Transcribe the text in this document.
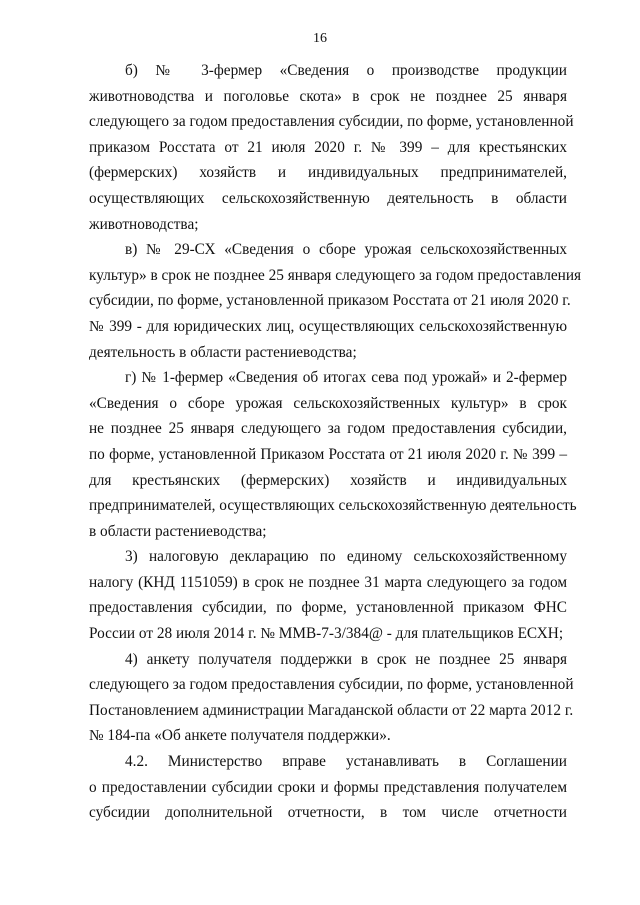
16
б) № 3-фермер «Сведения о производстве продукции
животноводства и поголовье скота» в срок не позднее 25 января
следующего за годом предоставления субсидии, по форме, установленной
приказом Росстата от 21 июля 2020 г. № 399 – для крестьянских
(фермерских) хозяйств и индивидуальных предпринимателей,
осуществляющих сельскохозяйственную деятельность в области
животноводства;
в) № 29-СХ «Сведения о сборе урожая сельскохозяйственных
культур» в срок не позднее 25 января следующего за годом предоставления
субсидии, по форме, установленной приказом Росстата от 21 июля 2020 г.
№ 399 - для юридических лиц, осуществляющих сельскохозяйственную
деятельность в области растениеводства;
г) № 1-фермер «Сведения об итогах сева под урожай» и 2-фермер
«Сведения о сборе урожая сельскохозяйственных культур» в срок
не позднее 25 января следующего за годом предоставления субсидии,
по форме, установленной Приказом Росстата от 21 июля 2020 г. № 399 –
для крестьянских (фермерских) хозяйств и индивидуальных
предпринимателей, осуществляющих сельскохозяйственную деятельность
в области растениеводства;
3) налоговую декларацию по единому сельскохозяйственному
налогу (КНД 1151059) в срок не позднее 31 марта следующего за годом
предоставления субсидии, по форме, установленной приказом ФНС
России от 28 июля 2014 г. № ММВ-7-3/384@ - для плательщиков ЕСХН;
4) анкету получателя поддержки в срок не позднее 25 января
следующего за годом предоставления субсидии, по форме, установленной
Постановлением администрации Магаданской области от 22 марта 2012 г.
№ 184-па «Об анкете получателя поддержки».
4.2. Министерство вправе устанавливать в Соглашении
о предоставлении субсидии сроки и формы представления получателем
субсидии дополнительной отчетности, в том числе отчетности
